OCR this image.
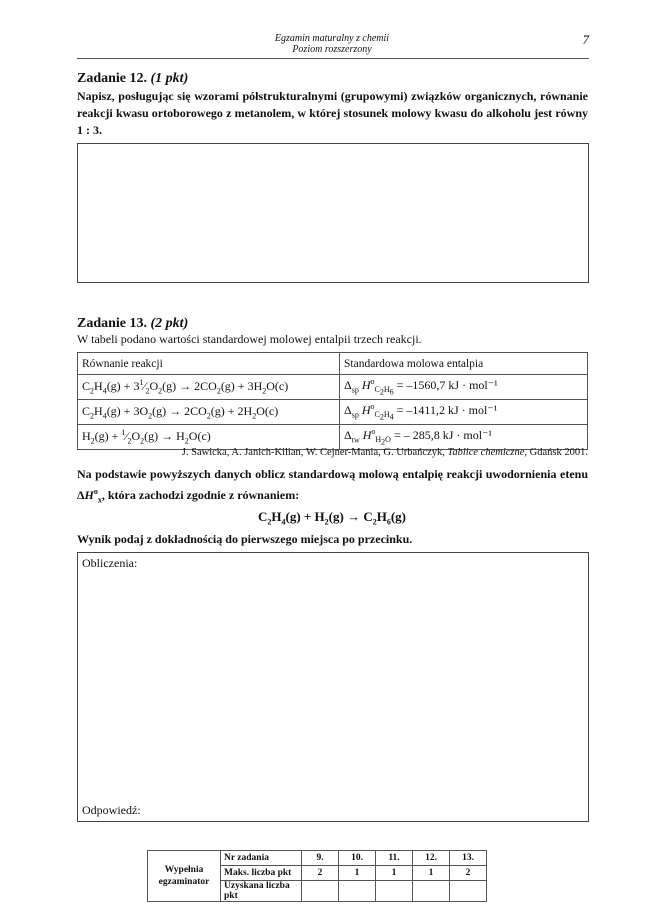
Egzamin maturalny z chemii
Poziom rozszerzony
7
Zadanie 12. (1 pkt)
Napisz, posługując się wzorami półstrukturalnymi (grupowymi) związków organicznych, równanie reakcji kwasu ortoborowego z metanolem, w której stosunek molowy kwasu do alkoholu jest równy 1 : 3.
Zadanie 13. (2 pkt)
W tabeli podano wartości standardowej molowej entalpii trzech reakcji.
Równanie reakcji	Standardowa molowa entalpia
$C_2H_4(g)$ + $3^1⁄_2O_2(g) \to 2CO_2(g) + 3H_2O(c)$	$\Delta_{sp}$ $H^o_{C_2H_6} = -1560,7$ kJ · mol⁻¹
$C_2H_4(g) + 3O_2(g) \to 2CO_2(g) + 2H_2O(c)$	$\Delta_{sp}$ $H^o_{C_2H_4} = -1411,2$ kJ · mol⁻¹
$H_2(g)$ + $^1⁄_2O_2(g) \to H_2O(c)$	$\Delta_{tw}$ $H^o_{H_2O}$ = – 285,8 kJ · mol⁻¹
J. Sawicka, A. Janich-Kilian, W. Cejner-Mania, G. Urbańczyk, Tablice chemiczne, Gdańsk 2001.
Na podstawie powyższych danych oblicz standardową molową entalpię reakcji uwodornienia etenu $\Delta H^o_x$, która zachodzi zgodnie z równaniem:
$C_2H_4(g) + H_2(g) \to C_2H_6(g)$
Wynik podaj z dokładnością do pierwszego miejsca po przecinku.
Obliczenia:
Odpowiedź:
Wypełnia egzaminator	Nr zadania	9.	10.	11.	12.	13.
	Maks. liczba pkt	2	1	1	1	2
	Uzyskana liczba pkt					
